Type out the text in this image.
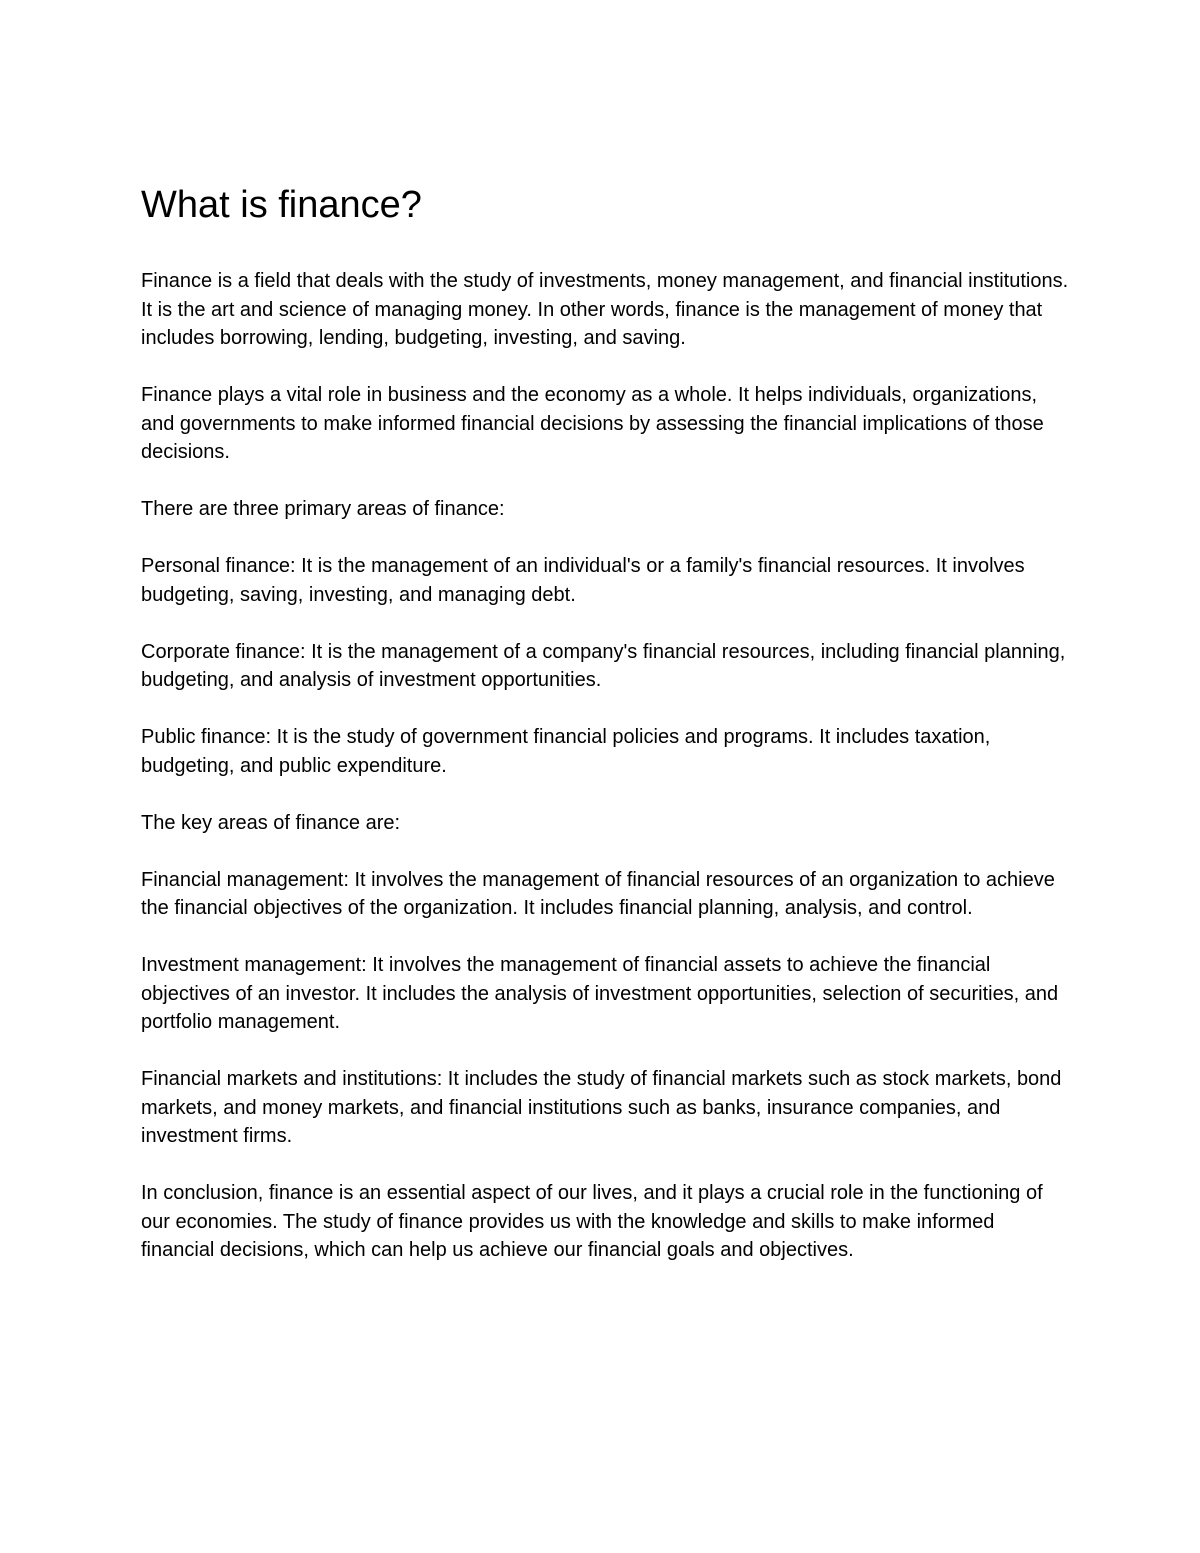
What is finance?

Finance is a field that deals with the study of investments, money management, and financial institutions. It is the art and science of managing money. In other words, finance is the management of money that includes borrowing, lending, budgeting, investing, and saving.

Finance plays a vital role in business and the economy as a whole. It helps individuals, organizations, and governments to make informed financial decisions by assessing the financial implications of those decisions.

There are three primary areas of finance:

Personal finance: It is the management of an individual's or a family's financial resources. It involves budgeting, saving, investing, and managing debt.

Corporate finance: It is the management of a company's financial resources, including financial planning, budgeting, and analysis of investment opportunities.

Public finance: It is the study of government financial policies and programs. It includes taxation, budgeting, and public expenditure.

The key areas of finance are:

Financial management: It involves the management of financial resources of an organization to achieve the financial objectives of the organization. It includes financial planning, analysis, and control.

Investment management: It involves the management of financial assets to achieve the financial objectives of an investor. It includes the analysis of investment opportunities, selection of securities, and portfolio management.

Financial markets and institutions: It includes the study of financial markets such as stock markets, bond markets, and money markets, and financial institutions such as banks, insurance companies, and investment firms.

In conclusion, finance is an essential aspect of our lives, and it plays a crucial role in the functioning of our economies. The study of finance provides us with the knowledge and skills to make informed financial decisions, which can help us achieve our financial goals and objectives.
